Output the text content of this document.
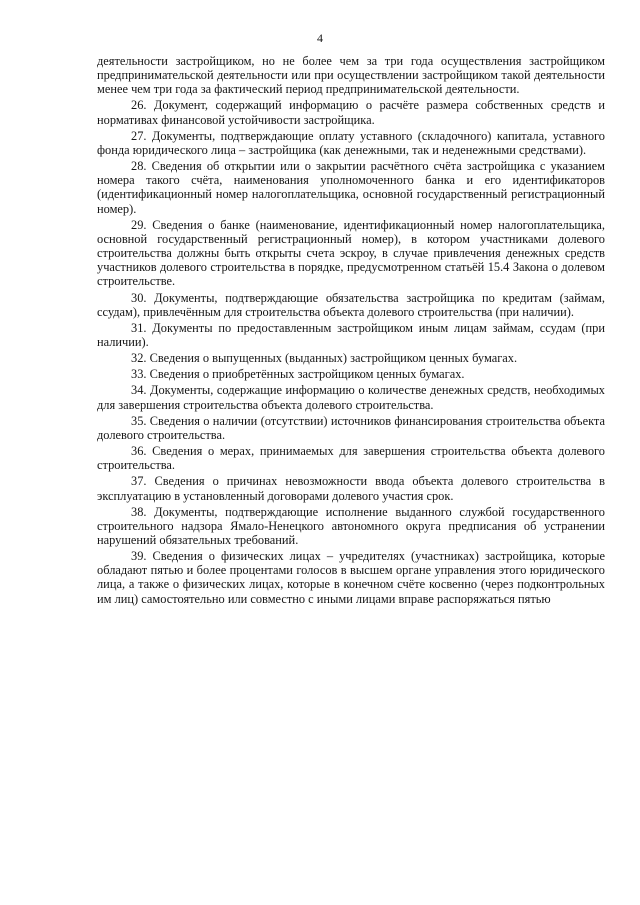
4

деятельности застройщиком, но не более чем за три года осуществления застройщиком предпринимательской деятельности или при осуществлении застройщиком такой деятельности менее чем три года за фактический период предпринимательской деятельности.

26. Документ, содержащий информацию о расчёте размера собственных средств и нормативах финансовой устойчивости застройщика.

27. Документы, подтверждающие оплату уставного (складочного) капитала, уставного фонда юридического лица – застройщика (как денежными, так и неденежными средствами).

28. Сведения об открытии или о закрытии расчётного счёта застройщика с указанием номера такого счёта, наименования уполномоченного банка и его идентификаторов (идентификационный номер налогоплательщика, основной государственный регистрационный номер).

29. Сведения о банке (наименование, идентификационный номер налогоплательщика, основной государственный регистрационный номер), в котором участниками долевого строительства должны быть открыты счета эскроу, в случае привлечения денежных средств участников долевого строительства в порядке, предусмотренном статьёй 15.4 Закона о долевом строительстве.

30. Документы, подтверждающие обязательства застройщика по кредитам (займам, ссудам), привлечённым для строительства объекта долевого строительства (при наличии).

31. Документы по предоставленным застройщиком иным лицам займам, ссудам (при наличии).

32. Сведения о выпущенных (выданных) застройщиком ценных бумагах.

33. Сведения о приобретённых застройщиком ценных бумагах.

34. Документы, содержащие информацию о количестве денежных средств, необходимых для завершения строительства объекта долевого строительства.

35. Сведения о наличии (отсутствии) источников финансирования строительства объекта долевого строительства.

36. Сведения о мерах, принимаемых для завершения строительства объекта долевого строительства.

37. Сведения о причинах невозможности ввода объекта долевого строительства в эксплуатацию в установленный договорами долевого участия срок.

38. Документы, подтверждающие исполнение выданного службой государственного строительного надзора Ямало-Ненецкого автономного округа предписания об устранении нарушений обязательных требований.

39. Сведения о физических лицах – учредителях (участниках) застройщика, которые обладают пятью и более процентами голосов в высшем органе управления этого юридического лица, а также о физических лицах, которые в конечном счёте косвенно (через подконтрольных им лиц) самостоятельно или совместно с иными лицами вправе распоряжаться пятью
